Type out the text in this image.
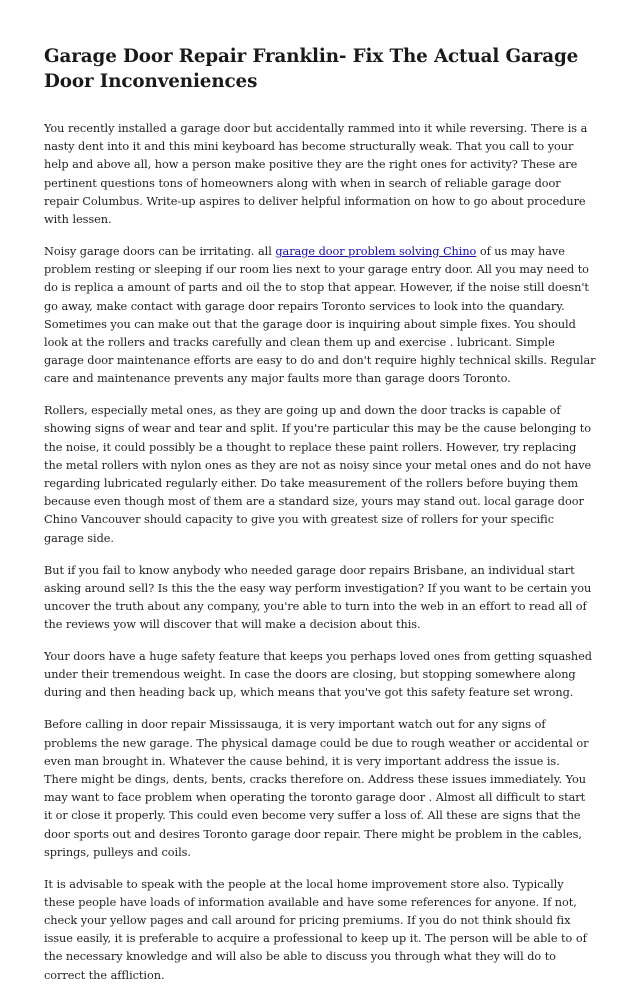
Garage Door Repair Franklin- Fix The Actual Garage Door Inconveniences

You recently installed a garage door but accidentally rammed into it while reversing. There is a nasty dent into it and this mini keyboard has become structurally weak. That you call to your help and above all, how a person make positive they are the right ones for activity? These are pertinent questions tons of homeowners along with when in search of reliable garage door repair Columbus. Write-up aspires to deliver helpful information on how to go about procedure with lessen.

Noisy garage doors can be irritating. all garage door problem solving Chino of us may have problem resting or sleeping if our room lies next to your garage entry door. All you may need to do is replica a amount of parts and oil the to stop that appear. However, if the noise still doesn't go away, make contact with garage door repairs Toronto services to look into the quandary. Sometimes you can make out that the garage door is inquiring about simple fixes. You should look at the rollers and tracks carefully and clean them up and exercise . lubricant. Simple garage door maintenance efforts are easy to do and don't require highly technical skills. Regular care and maintenance prevents any major faults more than garage doors Toronto.

Rollers, especially metal ones, as they are going up and down the door tracks is capable of showing signs of wear and tear and split. If you're particular this may be the cause belonging to the noise, it could possibly be a thought to replace these paint rollers. However, try replacing the metal rollers with nylon ones as they are not as noisy since your metal ones and do not have regarding lubricated regularly either. Do take measurement of the rollers before buying them because even though most of them are a standard size, yours may stand out. local garage door Chino Vancouver should capacity to give you with greatest size of rollers for your specific garage side.

But if you fail to know anybody who needed garage door repairs Brisbane, an individual start asking around sell? Is this the the easy way perform investigation? If you want to be certain you uncover the truth about any company, you're able to turn into the web in an effort to read all of the reviews yow will discover that will make a decision about this.

Your doors have a huge safety feature that keeps you perhaps loved ones from getting squashed under their tremendous weight. In case the doors are closing, but stopping somewhere along during and then heading back up, which means that you've got this safety feature set wrong.

Before calling in door repair Mississauga, it is very important watch out for any signs of problems the new garage. The physical damage could be due to rough weather or accidental or even man brought in. Whatever the cause behind, it is very important address the issue is. There might be dings, dents, bents, cracks therefore on. Address these issues immediately. You may want to face problem when operating the toronto garage door . Almost all difficult to start it or close it properly. This could even become very suffer a loss of. All these are signs that the door sports out and desires Toronto garage door repair. There might be problem in the cables, springs, pulleys and coils.

It is advisable to speak with the people at the local home improvement store also. Typically these people have loads of information available and have some references for anyone. If not, check your yellow pages and call around for pricing premiums. If you do not think should fix issue easily, it is preferable to acquire a professional to keep up it. The person will be able to of the necessary knowledge and will also be able to discuss you through what they will do to correct the affliction.
